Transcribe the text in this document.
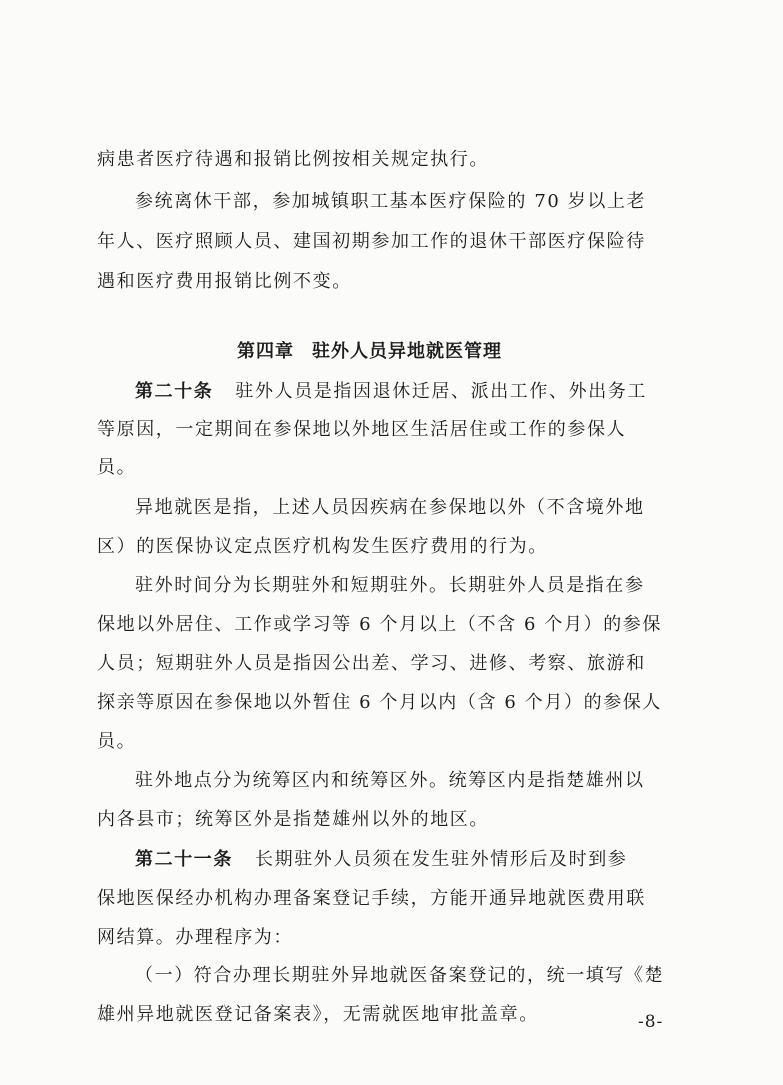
病患者医疗待遇和报销比例按相关规定执行。
参统离休干部，参加城镇职工基本医疗保险的 70 岁以上老
年人、医疗照顾人员、建国初期参加工作的退休干部医疗保险待
遇和医疗费用报销比例不变。
第四章 驻外人员异地就医管理
第二十条 驻外人员是指因退休迁居、派出工作、外出务工
等原因，一定期间在参保地以外地区生活居住或工作的参保人
员。
异地就医是指，上述人员因疾病在参保地以外（不含境外地
区）的医保协议定点医疗机构发生医疗费用的行为。
驻外时间分为长期驻外和短期驻外。长期驻外人员是指在参
保地以外居住、工作或学习等 6 个月以上（不含 6 个月）的参保
人员；短期驻外人员是指因公出差、学习、进修、考察、旅游和
探亲等原因在参保地以外暂住 6 个月以内（含 6 个月）的参保人
员。
驻外地点分为统筹区内和统筹区外。统筹区内是指楚雄州以
内各县市；统筹区外是指楚雄州以外的地区。
第二十一条 长期驻外人员须在发生驻外情形后及时到参
保地医保经办机构办理备案登记手续，方能开通异地就医费用联
网结算。办理程序为：
（一）符合办理长期驻外异地就医备案登记的，统一填写《楚
雄州异地就医登记备案表》，无需就医地审批盖章。	-8-
